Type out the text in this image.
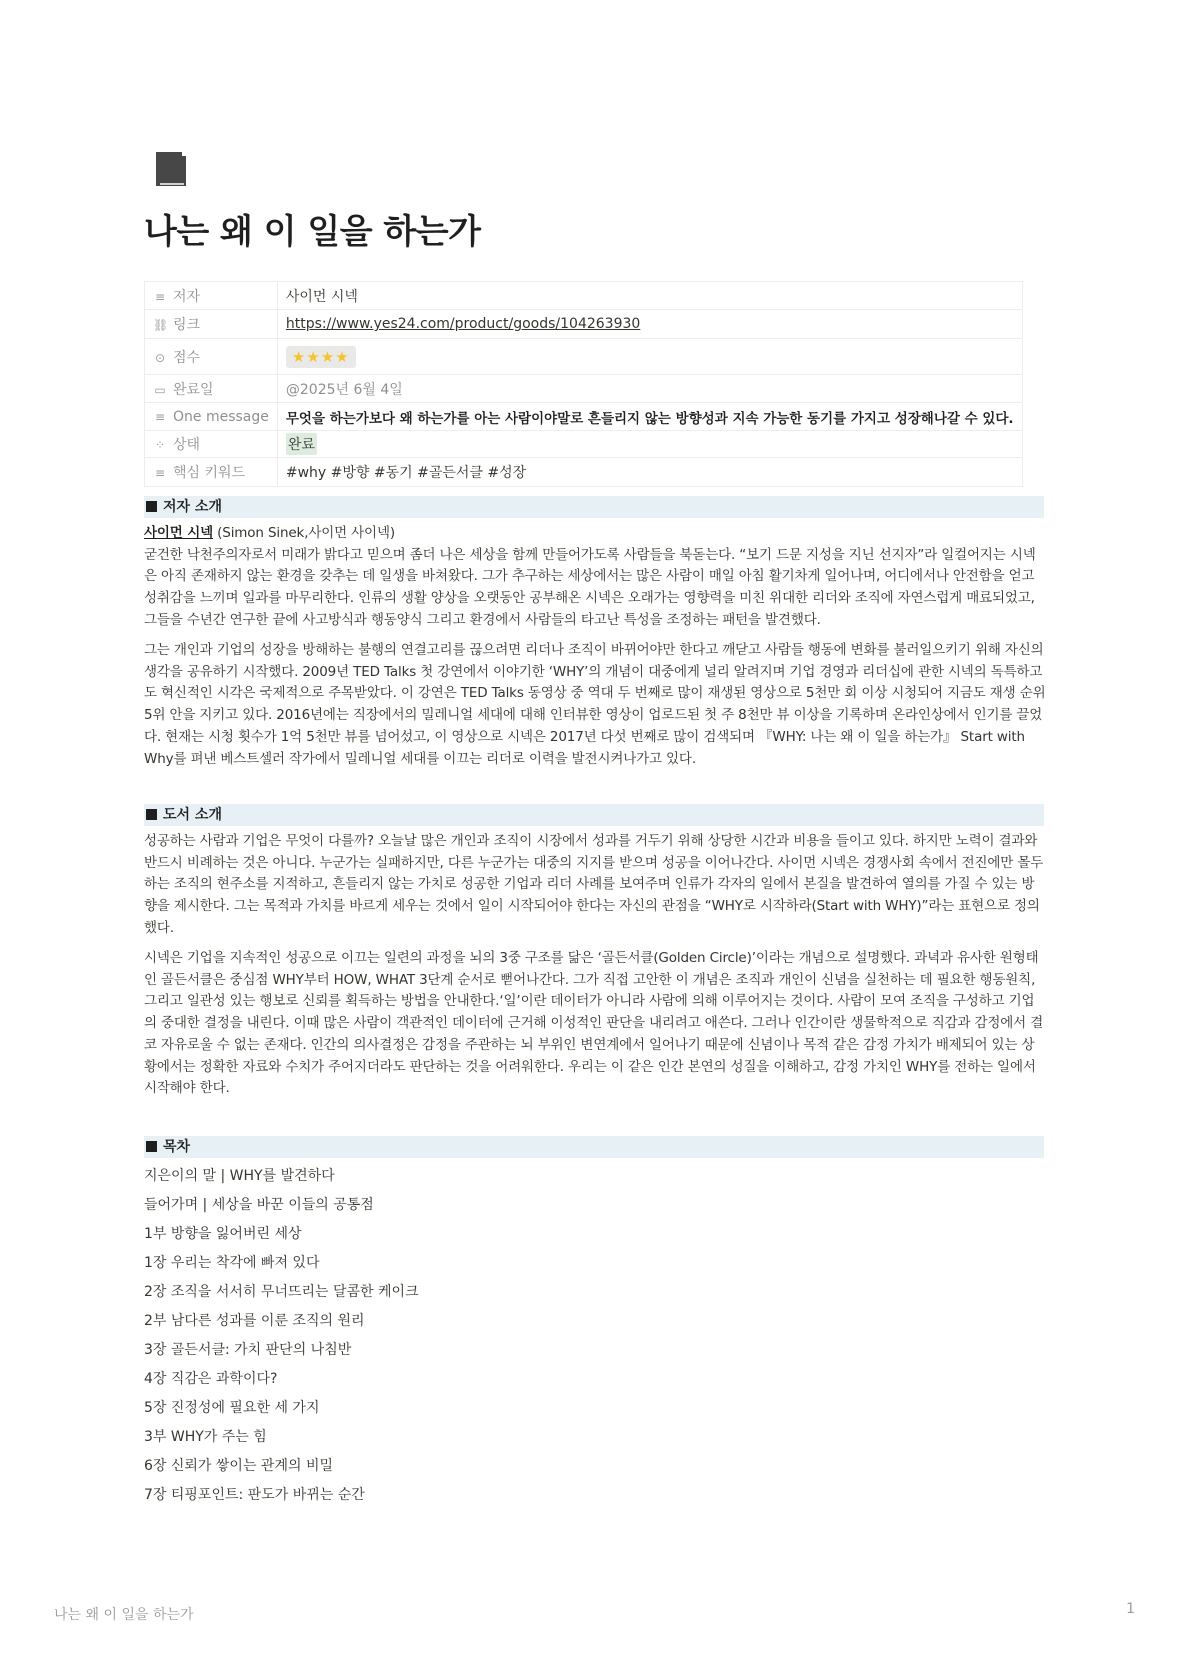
나는 왜 이 일을 하는가
≡ 저자	사이먼 시넥
⛓ 링크	https://www.yes24.com/product/goods/104263930
⊙ 점수	★★★★
▭ 완료일	@2025년 6월 4일
≡ One message	무엇을 하는가보다 왜 하는가를 아는 사람이야말로 흔들리지 않는 방향성과 지속 가능한 동기를 가지고 성장해나갈 수 있다.
⁘ 상태	완료
≡ 핵심 키워드	#why #방향 #동기 #골든서클 #성장
저자 소개

사이먼 시넥 (Simon Sinek,사이먼 사이넥)
굳건한 낙천주의자로서 미래가 밝다고 믿으며 좀더 나은 세상을 함께 만들어가도록 사람들을 북돋는다. “보기 드문 지성을 지닌 선지자”라 일컬어지는 시넥은 아직 존재하지 않는 환경을 갖추는 데 일생을 바쳐왔다. 그가 추구하는 세상에서는 많은 사람이 매일 아침 활기차게 일어나며, 어디에서나 안전함을 얻고 성취감을 느끼며 일과를 마무리한다. 인류의 생활 양상을 오랫동안 공부해온 시넥은 오래가는 영향력을 미친 위대한 리더와 조직에 자연스럽게 매료되었고, 그들을 수년간 연구한 끝에 사고방식과 행동양식 그리고 환경에서 사람들의 타고난 특성을 조정하는 패턴을 발견했다.

그는 개인과 기업의 성장을 방해하는 불행의 연결고리를 끊으려면 리더나 조직이 바뀌어야만 한다고 깨닫고 사람들 행동에 변화를 불러일으키기 위해 자신의 생각을 공유하기 시작했다. 2009년 TED Talks 첫 강연에서 이야기한 ‘WHY’의 개념이 대중에게 널리 알려지며 기업 경영과 리더십에 관한 시넥의 독특하고도 혁신적인 시각은 국제적으로 주목받았다. 이 강연은 TED Talks 동영상 중 역대 두 번째로 많이 재생된 영상으로 5천만 회 이상 시청되어 지금도 재생 순위 5위 안을 지키고 있다. 2016년에는 직장에서의 밀레니얼 세대에 대해 인터뷰한 영상이 업로드된 첫 주 8천만 뷰 이상을 기록하며 온라인상에서 인기를 끌었다. 현재는 시청 횟수가 1억 5천만 뷰를 넘어섰고, 이 영상으로 시넥은 2017년 다섯 번째로 많이 검색되며 『WHY: 나는 왜 이 일을 하는가』 Start with Why를 펴낸 베스트셀러 작가에서 밀레니얼 세대를 이끄는 리더로 이력을 발전시켜나가고 있다.

도서 소개

성공하는 사람과 기업은 무엇이 다를까? 오늘날 많은 개인과 조직이 시장에서 성과를 거두기 위해 상당한 시간과 비용을 들이고 있다. 하지만 노력이 결과와 반드시 비례하는 것은 아니다. 누군가는 실패하지만, 다른 누군가는 대중의 지지를 받으며 성공을 이어나간다. 사이먼 시넥은 경쟁사회 속에서 전진에만 몰두하는 조직의 현주소를 지적하고, 흔들리지 않는 가치로 성공한 기업과 리더 사례를 보여주며 인류가 각자의 일에서 본질을 발견하여 열의를 가질 수 있는 방향을 제시한다. 그는 목적과 가치를 바르게 세우는 것에서 일이 시작되어야 한다는 자신의 관점을 “WHY로 시작하라(Start with WHY)”라는 표현으로 정의했다.

시넥은 기업을 지속적인 성공으로 이끄는 일련의 과정을 뇌의 3중 구조를 닮은 ‘골든서클(Golden Circle)’이라는 개념으로 설명했다. 과녁과 유사한 원형태인 골든서클은 중심점 WHY부터 HOW, WHAT 3단계 순서로 뻗어나간다. 그가 직접 고안한 이 개념은 조직과 개인이 신념을 실천하는 데 필요한 행동원칙, 그리고 일관성 있는 행보로 신뢰를 획득하는 방법을 안내한다.‘일’이란 데이터가 아니라 사람에 의해 이루어지는 것이다. 사람이 모여 조직을 구성하고 기업의 중대한 결정을 내린다. 이때 많은 사람이 객관적인 데이터에 근거해 이성적인 판단을 내리려고 애쓴다. 그러나 인간이란 생물학적으로 직감과 감정에서 결코 자유로울 수 없는 존재다. 인간의 의사결정은 감정을 주관하는 뇌 부위인 변연계에서 일어나기 때문에 신념이나 목적 같은 감정 가치가 배제되어 있는 상황에서는 정확한 자료와 수치가 주어지더라도 판단하는 것을 어려워한다. 우리는 이 같은 인간 본연의 성질을 이해하고, 감정 가치인 WHY를 전하는 일에서 시작해야 한다.

목차
지은이의 말 | WHY를 발견하다
들어가며 | 세상을 바꾼 이들의 공통점
1부 방향을 잃어버린 세상
1장 우리는 착각에 빠져 있다
2장 조직을 서서히 무너뜨리는 달콤한 케이크
2부 남다른 성과를 이룬 조직의 원리
3장 골든서클: 가치 판단의 나침반
4장 직감은 과학이다?
5장 진정성에 필요한 세 가지
3부 WHY가 주는 힘
6장 신뢰가 쌓이는 관계의 비밀
7장 티핑포인트: 판도가 바뀌는 순간
나는 왜 이 일을 하는가	1
